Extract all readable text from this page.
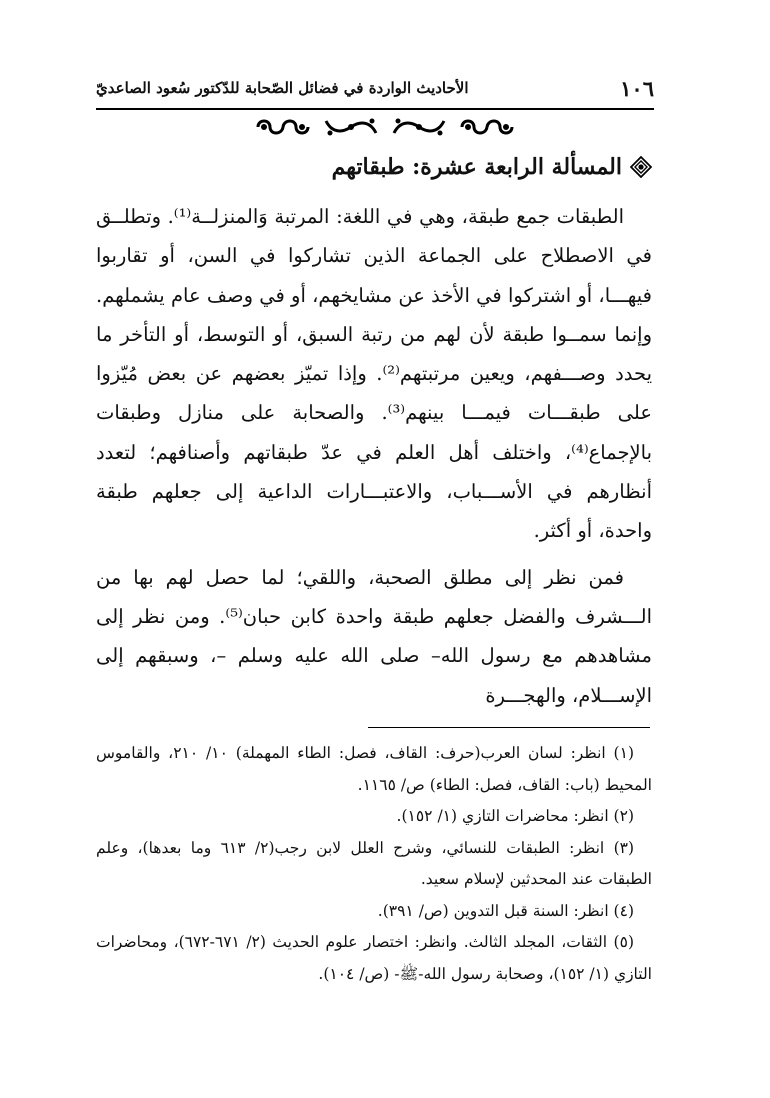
١٠٦
الأحاديث الواردة في فضائل الصّحابة للدّكتور سُعود الصاعديّ
المسألة الرابعة عشرة: طبقاتهم

الطبقات جمع طبقة، وهي في اللغة: المرتبة وَالمنزلــة⁽¹⁾. وتطلــق في الاصطلاح على الجماعة الذين تشاركوا في السن، أو تقاربوا فيهـــا، أو اشتركوا في الأخذ عن مشايخهم، أو في وصف عام يشملهم. وإنما سمــوا طبقة لأن لهم من رتبة السبق، أو التوسط، أو التأخر ما يحدد وصـــفهم، ويعين مرتبتهم⁽²⁾. وإذا تميّز بعضهم عن بعض مُيّزوا على طبقـــات فيمـــا بينهم⁽³⁾. والصحابة على منازل وطبقات بالإجماع⁽⁴⁾، واختلف أهل العلم في عدّ طبقاتهم وأصنافهم؛ لتعدد أنظارهم في الأســـباب، والاعتبـــارات الداعية إلى جعلهم طبقة واحدة، أو أكثر.

فمن نظر إلى مطلق الصحبة، واللقي؛ لما حصل لهم بها من الـــشرف والفضل جعلهم طبقة واحدة كابن حبان⁽⁵⁾. ومن نظر إلى مشاهدهم مع رسول الله– صلى الله عليه وسلم –، وسبقهم إلى الإســـلام، والهجـــرة

(١) انظر: لسان العرب(حرف: القاف، فصل: الطاء المهملة) ١٠/ ٢١٠، والقاموس المحيط (باب: القاف، فصل: الطاء) ص/ ١١٦٥.

(٢) انظر: محاضرات التازي (١/ ١٥٢).

(٣) انظر: الطبقات للنسائي، وشرح العلل لابن رجب(٢/ ٦١٣ وما بعدها)، وعلم الطبقات عند المحدثين لإسلام سعيد.

(٤) انظر: السنة قبل التدوين (ص/ ٣٩١).

(٥) الثقات، المجلد الثالث. وانظر: اختصار علوم الحديث (٢/ ٦٧١-٦٧٢)، ومحاضرات التازي (١/ ١٥٢)، وصحابة رسول الله-ﷺ- (ص/ ١٠٤).
